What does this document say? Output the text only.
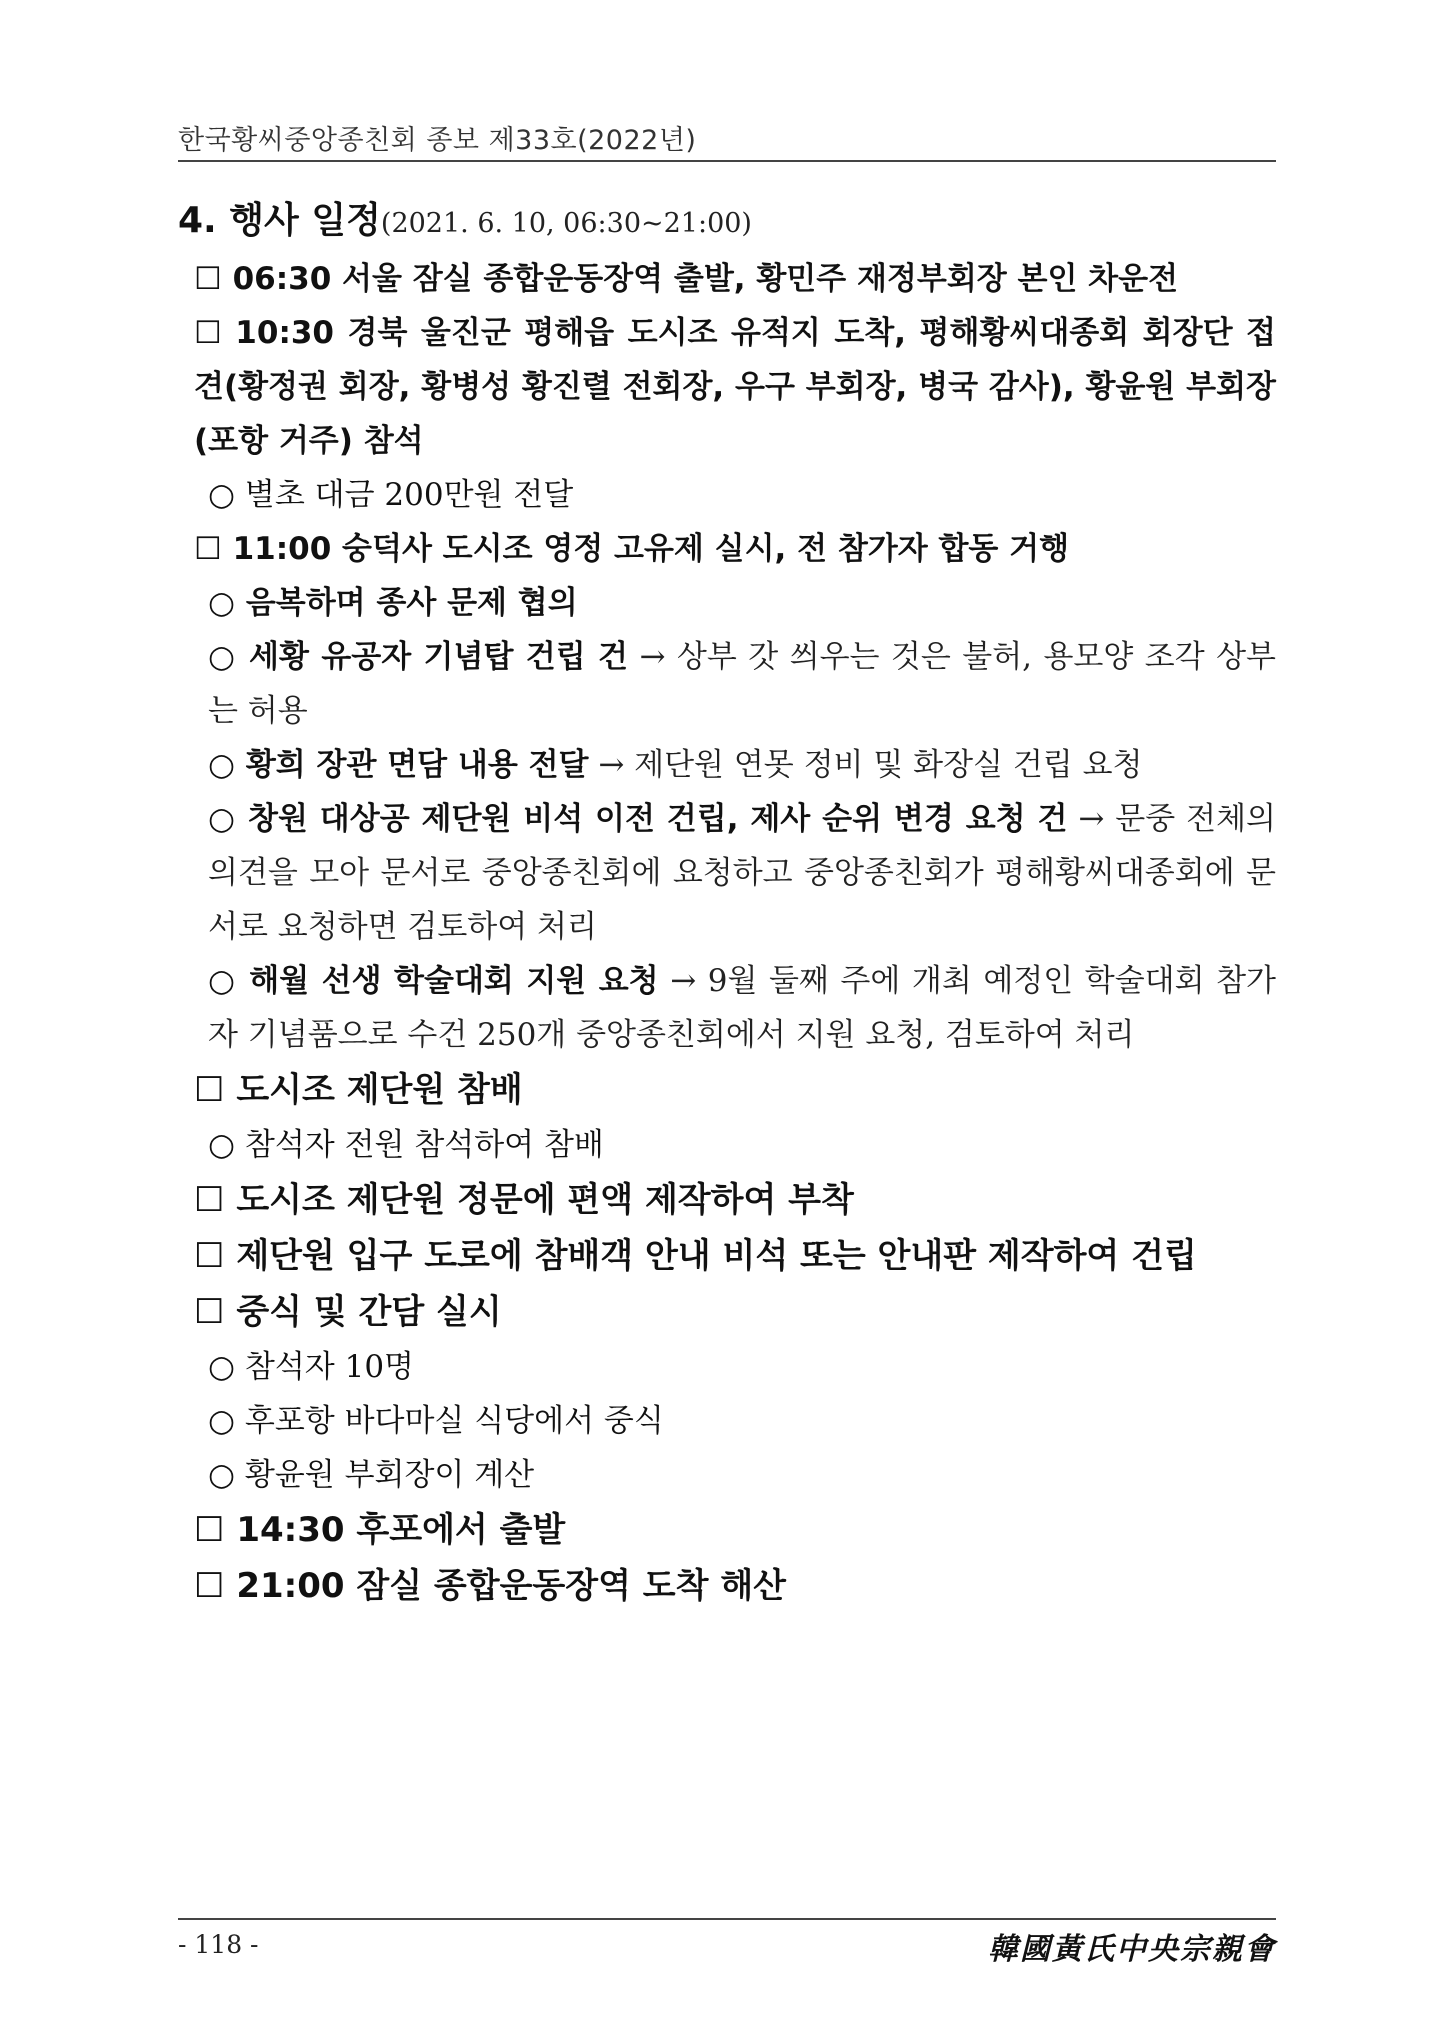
한국황씨중앙종친회 종보 제33호(2022년)

4. 행사 일정(2021. 6. 10, 06:30~21:00)

☐ 06:30 서울 잠실 종합운동장역 출발, 황민주 재정부회장 본인 차운전

☐ 10:30 경북 울진군 평해읍 도시조 유적지 도착, 평해황씨대종회 회장단 접견(황정권 회장, 황병성 황진렬 전회장, 우구 부회장, 병국 감사), 황윤원 부회장(포항 거주) 참석

○ 별초 대금 200만원 전달

☐ 11:00 숭덕사 도시조 영정 고유제 실시, 전 참가자 합동 거행

○ 음복하며 종사 문제 협의

○ 세황 유공자 기념탑 건립 건 → 상부 갓 씌우는 것은 불허, 용모양 조각 상부는 허용

○ 황희 장관 면담 내용 전달 → 제단원 연못 정비 및 화장실 건립 요청

○ 창원 대상공 제단원 비석 이전 건립, 제사 순위 변경 요청 건 → 문중 전체의 의견을 모아 문서로 중앙종친회에 요청하고 중앙종친회가 평해황씨대종회에 문서로 요청하면 검토하여 처리

○ 해월 선생 학술대회 지원 요청 → 9월 둘째 주에 개최 예정인 학술대회 참가자 기념품으로 수건 250개 중앙종친회에서 지원 요청, 검토하여 처리

☐ 도시조 제단원 참배

○ 참석자 전원 참석하여 참배

☐ 도시조 제단원 정문에 편액 제작하여 부착

☐ 제단원 입구 도로에 참배객 안내 비석 또는 안내판 제작하여 건립

☐ 중식 및 간담 실시

○ 참석자 10명

○ 후포항 바다마실 식당에서 중식

○ 황윤원 부회장이 계산

☐ 14:30 후포에서 출발

☐ 21:00 잠실 종합운동장역 도착 해산

- 118 -	韓國黃氏中央宗親會
